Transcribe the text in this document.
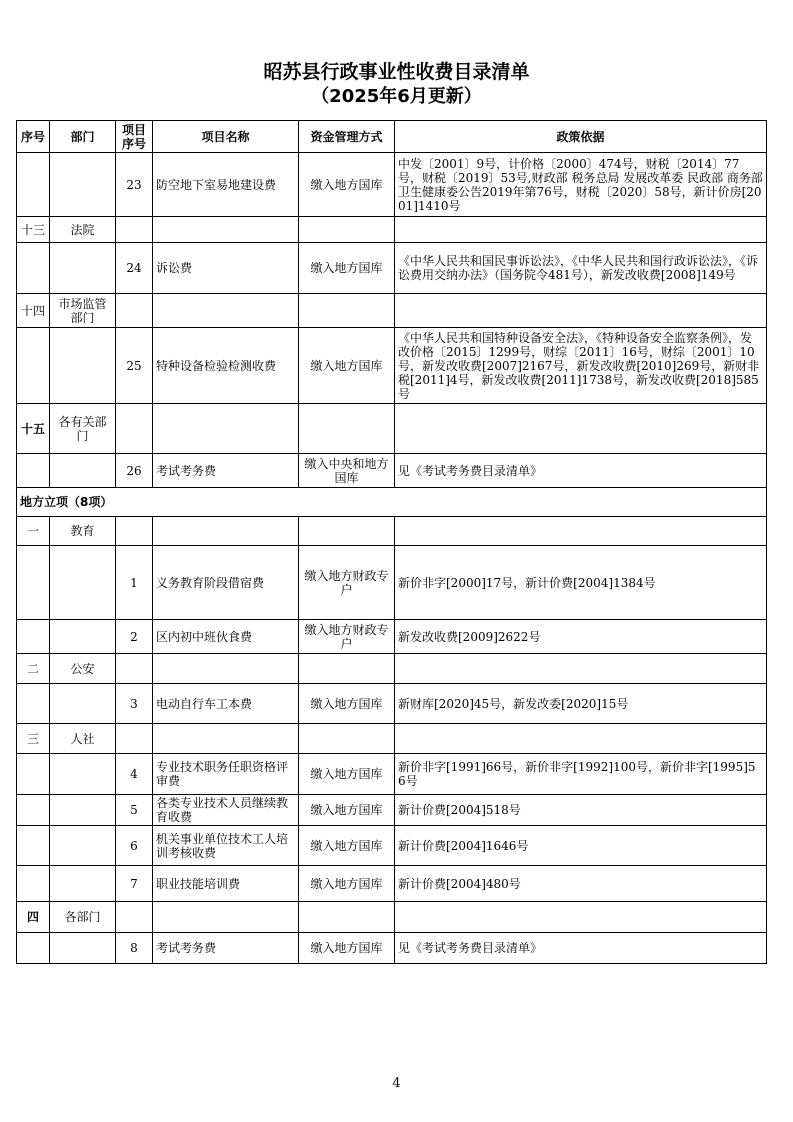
昭苏县行政事业性收费目录清单
（2025年6月更新）
序号	部门	项目序号	项目名称	资金管理方式	政策依据
		23	防空地下室易地建设费	缴入地方国库	中发〔2001〕9号，计价格〔2000〕474号，财税〔2014〕77号，财税〔2019〕53号,财政部 税务总局 发展改革委 民政部 商务部 卫生健康委公告2019年第76号，财税〔2020〕58号，新计价房[2001]1410号
十三	法院				
		24	诉讼费	缴入地方国库	《中华人民共和国民事诉讼法》，《中华人民共和国行政诉讼法》，《诉讼费用交纳办法》（国务院令481号），新发改收费[2008]149号
十四	市场监管部门				
		25	特种设备检验检测收费	缴入地方国库	《中华人民共和国特种设备安全法》，《特种设备安全监察条例》，发改价格〔2015〕1299号，财综〔2011〕16号，财综〔2001〕10号，新发改收费[2007]2167号，新发改收费[2010]269号，新财非税[2011]4号，新发改收费[2011]1738号，新发改收费[2018]585号
十五	各有关部门				
		26	考试考务费	缴入中央和地方国库	见《考试考务费目录清单》
地方立项（8项）					
一	教育				
		1	义务教育阶段借宿费	缴入地方财政专户	新价非字[2000]17号，新计价费[2004]1384号
		2	区内初中班伙食费	缴入地方财政专户	新发改收费[2009]2622号
二	公安				
		3	电动自行车工本费	缴入地方国库	新财库[2020]45号，新发改委[2020]15号
三	人社				
		4	专业技术职务任职资格评审费	缴入地方国库	新价非字[1991]66号，新价非字[1992]100号，新价非字[1995]56号
		5	各类专业技术人员继续教育收费	缴入地方国库	新计价费[2004]518号
		6	机关事业单位技术工人培训考核收费	缴入地方国库	新计价费[2004]1646号
		7	职业技能培训费	缴入地方国库	新计价费[2004]480号
四	各部门				
		8	考试考务费	缴入地方国库	见《考试考务费目录清单》
4
